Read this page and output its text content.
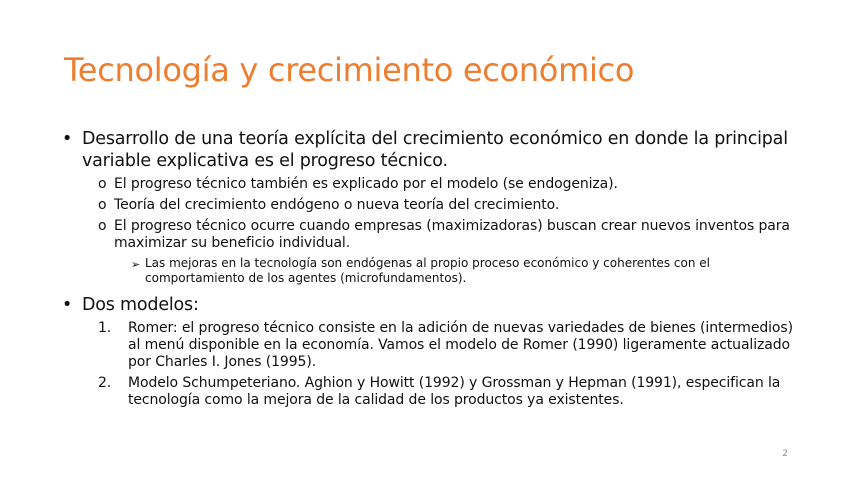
Tecnología y crecimiento económico
• Desarrollo de una teoría explícita del crecimiento económico en donde la principal variable explicativa es el progreso técnico.
o El progreso técnico también es explicado por el modelo (se endogeniza).
o Teoría del crecimiento endógeno o nueva teoría del crecimiento.
o El progreso técnico ocurre cuando empresas (maximizadoras) buscan crear nuevos inventos para maximizar su beneficio individual.
➢ Las mejoras en la tecnología son endógenas al propio proceso económico y coherentes con el comportamiento de los agentes (microfundamentos).
• Dos modelos:
1. Romer: el progreso técnico consiste en la adición de nuevas variedades de bienes (intermedios) al menú disponible en la economía. Vamos el modelo de Romer (1990) ligeramente actualizado por Charles I. Jones (1995).
2. Modelo Schumpeteriano. Aghion y Howitt (1992) y Grossman y Hepman (1991), especifican la tecnología como la mejora de la calidad de los productos ya existentes.
2
